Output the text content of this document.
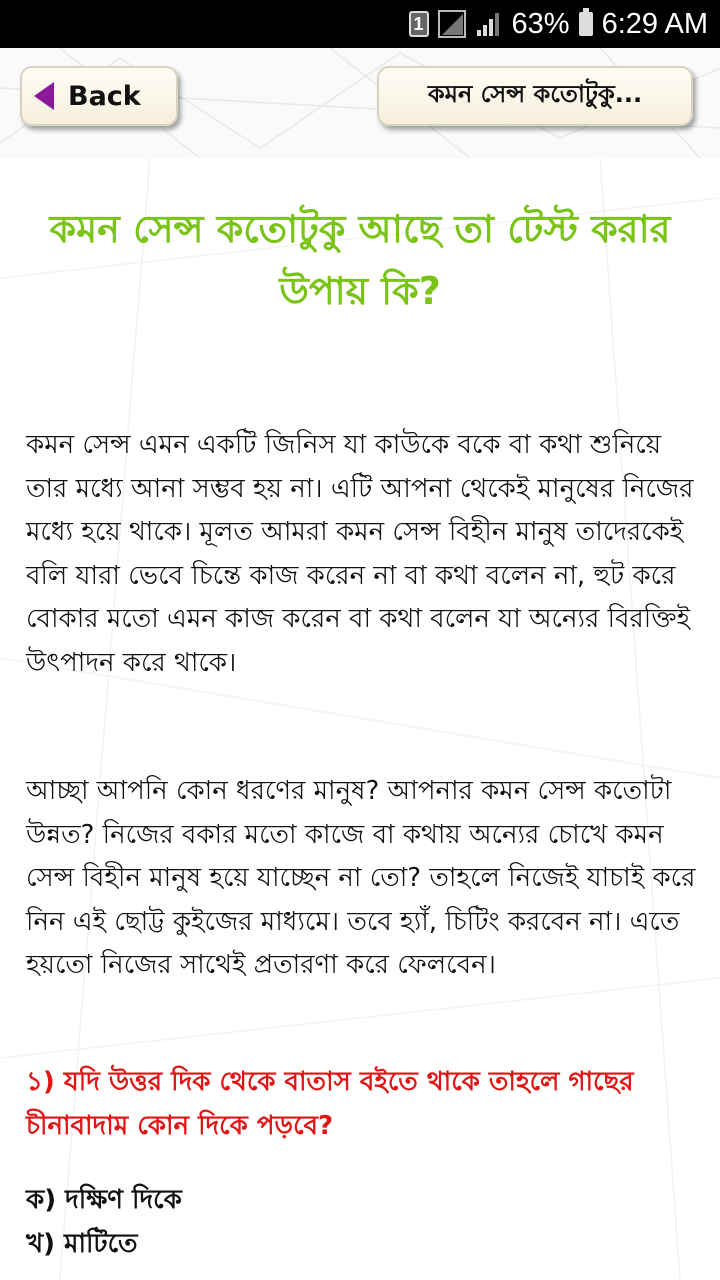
1	63% 6:29 AM
Back	কমন সেন্স কতোটুকু...
কমন সেন্স কতোটুকু আছে তা টেস্ট করার উপায় কি?

কমন সেন্স এমন একটি জিনিস যা কাউকে বকে বা কথা শুনিয়ে তার মধ্যে আনা সম্ভব হয় না। এটি আপনা থেকেই মানুষের নিজের মধ্যে হয়ে থাকে। মূলত আমরা কমন সেন্স বিহীন মানুষ তাদেরকেই বলি যারা ভেবে চিন্তে কাজ করেন না বা কথা বলেন না, হুট করে বোকার মতো এমন কাজ করেন বা কথা বলেন যা অন্যের বিরক্তিই উৎপাদন করে থাকে।

আচ্ছা আপনি কোন ধরণের মানুষ? আপনার কমন সেন্স কতোটা উন্নত? নিজের বকার মতো কাজে বা কথায় অন্যের চোখে কমন সেন্স বিহীন মানুষ হয়ে যাচ্ছেন না তো? তাহলে নিজেই যাচাই করে নিন এই ছোট্ট কুইজের মাধ্যমে। তবে হ্যাঁ, চিটিং করবেন না। এতে হয়তো নিজের সাথেই প্রতারণা করে ফেলবেন।

১) যদি উত্তর দিক থেকে বাতাস বইতে থাকে তাহলে গাছের চীনাবাদাম কোন দিকে পড়বে?

ক) দক্ষিণ দিকে

খ) মাটিতে
